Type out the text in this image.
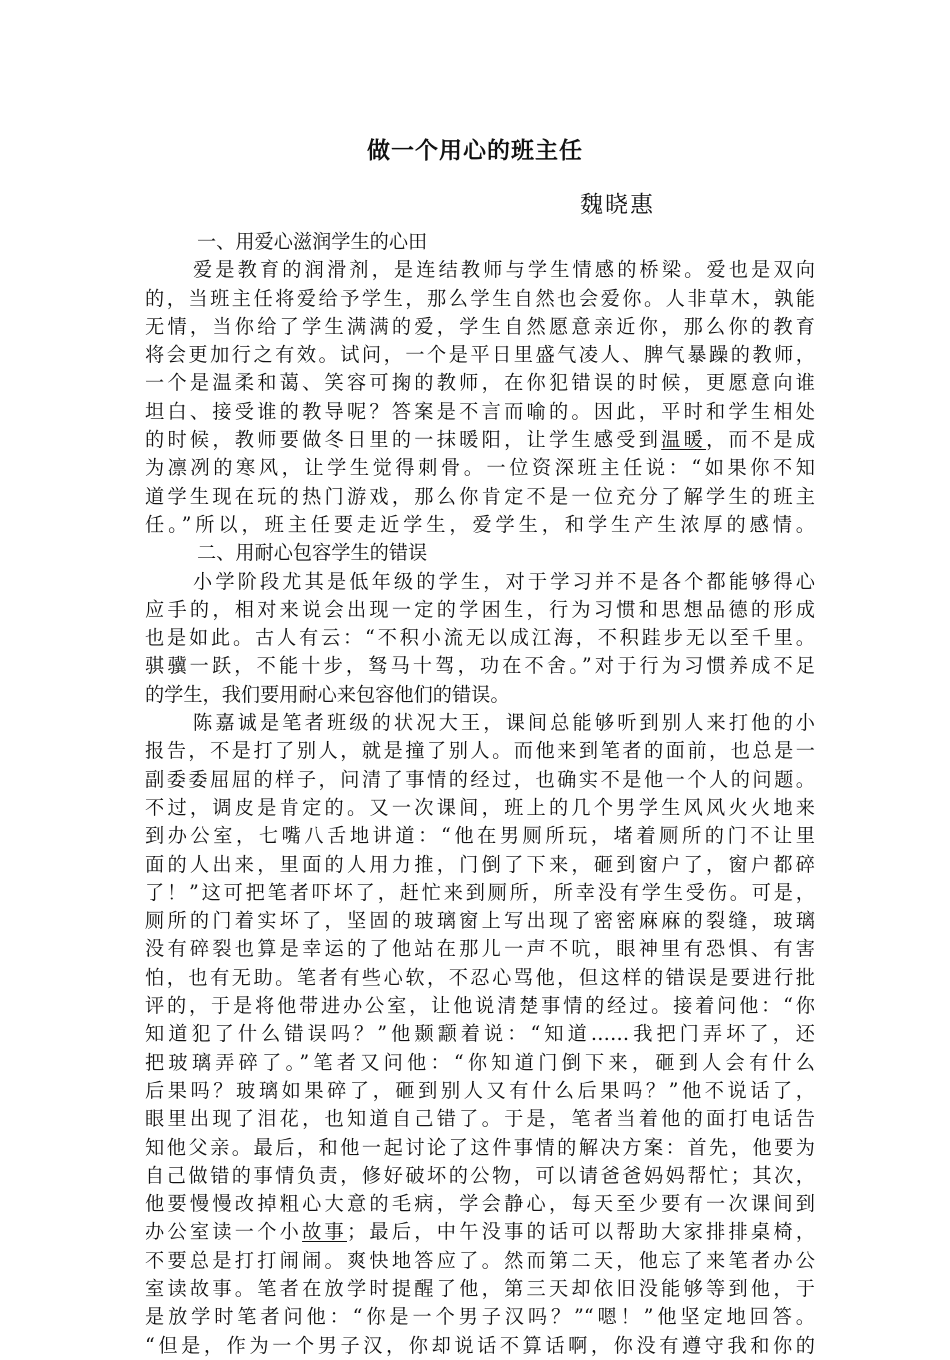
做一个用心的班主任
魏晓惠
一、用爱心滋润学生的心田
爱是教育的润滑剂，是连结教师与学生情感的桥梁。爱也是双向
的，当班主任将爱给予学生，那么学生自然也会爱你。人非草木，孰能
无情，当你给了学生满满的爱，学生自然愿意亲近你，那么你的教育
将会更加行之有效。试问，一个是平日里盛气凌人、脾气暴躁的教师，
一个是温柔和蔼、笑容可掬的教师，在你犯错误的时候，更愿意向谁
坦白、接受谁的教导呢？答案是不言而喻的。因此，平时和学生相处
的时候，教师要做冬日里的一抹暖阳，让学生感受到温暖，而不是成
为凛冽的寒风，让学生觉得刺骨。一位资深班主任说：“如果你不知
道学生现在玩的热门游戏，那么你肯定不是一位充分了解学生的班主
任。”所以，班主任要走近学生，爱学生，和学生产生浓厚的感情。
二、用耐心包容学生的错误
小学阶段尤其是低年级的学生，对于学习并不是各个都能够得心
应手的，相对来说会出现一定的学困生，行为习惯和思想品德的形成
也是如此。古人有云：“不积小流无以成江海，不积跬步无以至千里。
骐骥一跃，不能十步，驽马十驾，功在不舍。”对于行为习惯养成不足
的学生，我们要用耐心来包容他们的错误。
陈嘉诚是笔者班级的状况大王，课间总能够听到别人来打他的小
报告，不是打了别人，就是撞了别人。而他来到笔者的面前，也总是一
副委委屈屈的样子，问清了事情的经过，也确实不是他一个人的问题。
不过，调皮是肯定的。又一次课间，班上的几个男学生风风火火地来
到办公室，七嘴八舌地讲道：“他在男厕所玩，堵着厕所的门不让里
面的人出来，里面的人用力推，门倒了下来，砸到窗户了，窗户都碎
了！”这可把笔者吓坏了，赶忙来到厕所，所幸没有学生受伤。可是，
厕所的门着实坏了，坚固的玻璃窗上写出现了密密麻麻的裂缝，玻璃
没有碎裂也算是幸运的了他站在那儿一声不吭，眼神里有恐惧、有害
怕，也有无助。笔者有些心软，不忍心骂他，但这样的错误是要进行批
评的，于是将他带进办公室，让他说清楚事情的经过。接着问他：“你
知道犯了什么错误吗？”他颞颥着说：“知道……我把门弄坏了，还
把玻璃弄碎了。”笔者又问他：“你知道门倒下来，砸到人会有什么
后果吗？玻璃如果碎了，砸到别人又有什么后果吗？”他不说话了，
眼里出现了泪花，也知道自己错了。于是，笔者当着他的面打电话告
知他父亲。最后，和他一起讨论了这件事情的解决方案：首先，他要为
自己做错的事情负责，修好破坏的公物，可以请爸爸妈妈帮忙；其次，
他要慢慢改掉粗心大意的毛病，学会静心，每天至少要有一次课间到
办公室读一个小故事；最后，中午没事的话可以帮助大家排排桌椅，
不要总是打打闹闹。爽快地答应了。然而第二天，他忘了来笔者办公
室读故事。笔者在放学时提醒了他，第三天却依旧没能够等到他，于
是放学时笔者问他：“你是一个男子汉吗？”“嗯！”他坚定地回答。
“但是，作为一个男子汉，你却说话不算话啊，你没有遵守我和你的
